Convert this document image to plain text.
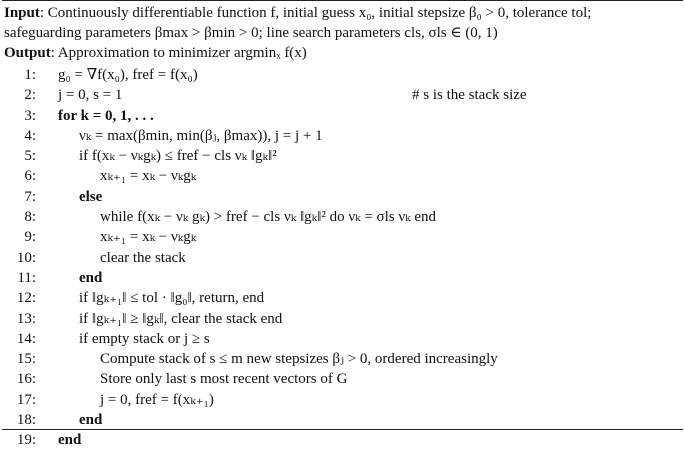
Input: Continuously differentiable function f, initial guess x₀, initial stepsize β₀ > 0, tolerance tol;
safeguarding parameters βmax > βmin > 0; line search parameters cls, σls ∈ (0, 1)
Output: Approximation to minimizer argminₓ f(x)
1: g₀ = ∇f(x₀), fref = f(x₀)
2: j = 0, s = 1	# s is the stack size
3: for k = 0, 1, . . .
4:	νₖ = max(βmin, min(βⱼ, βmax)), j = j + 1
5:	if f(xₖ − νₖgₖ) ≤ fref − cls νₖ ‖gₖ‖²
6:	xₖ₊₁ = xₖ − νₖgₖ
7:	else
8:	while f(xₖ − νₖ gₖ) > fref − cls νₖ ‖gₖ‖² do νₖ = σls νₖ end
9:	xₖ₊₁ = xₖ − νₖgₖ
10:	clear the stack
11:	end
12:	if ‖gₖ₊₁‖ ≤ tol · ‖g₀‖, return, end
13:	if ‖gₖ₊₁‖ ≥ ‖gₖ‖, clear the stack end
14:	if empty stack or j ≥ s
15:	Compute stack of s ≤ m new stepsizes βⱼ > 0, ordered increasingly
16:	Store only last s most recent vectors of G
17:	j = 0, fref = f(xₖ₊₁)
18:	end
19: end
